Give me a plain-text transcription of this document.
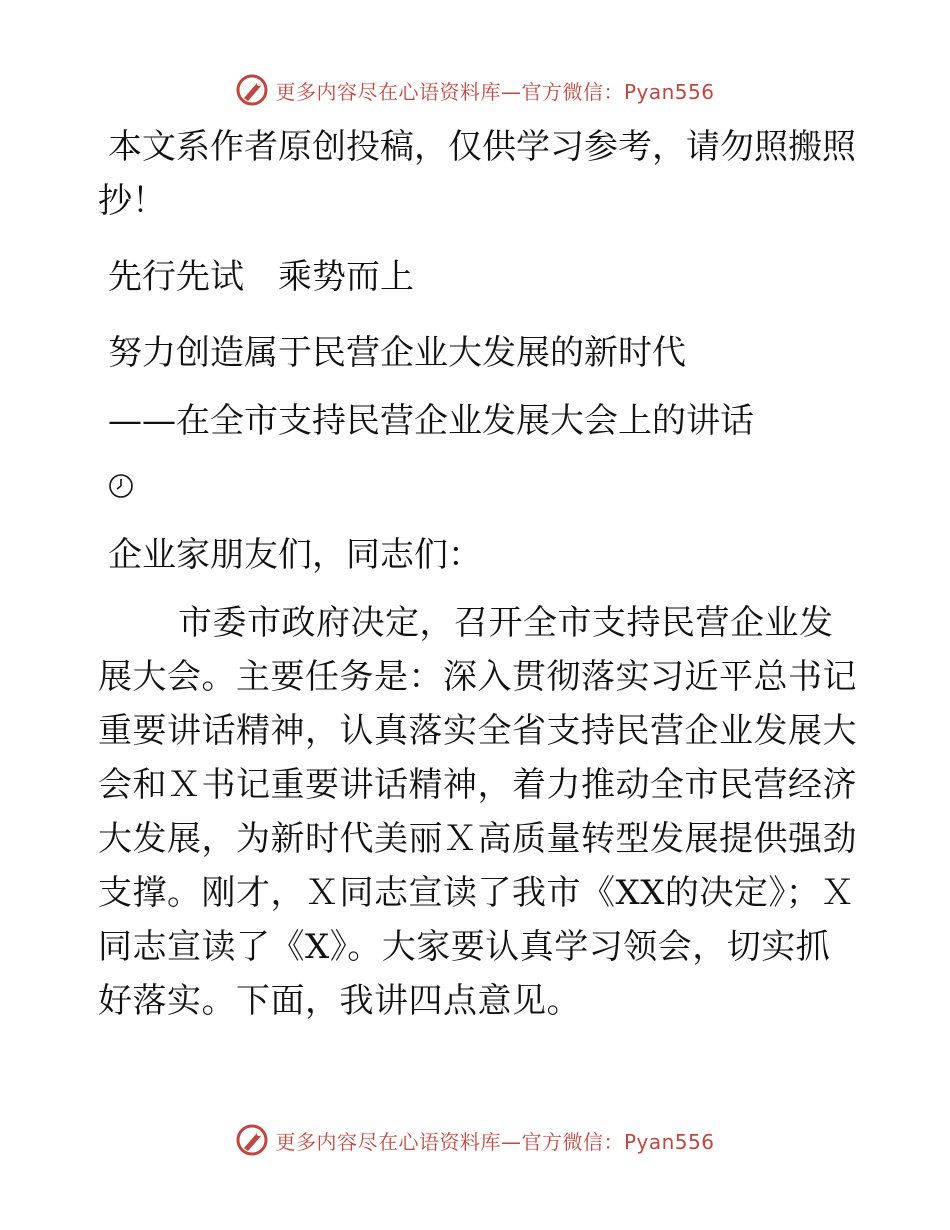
更多内容尽在心语资料库—官方微信：Pyan556

本文系作者原创投稿，仅供学习参考，请勿照搬照抄！

先行先试　乘势而上

努力创造属于民营企业大发展的新时代

——在全市支持民营企业发展大会上的讲话

企业家朋友们，同志们：

市委市政府决定，召开全市支持民营企业发展大会。主要任务是：深入贯彻落实习近平总书记重要讲话精神，认真落实全省支持民营企业发展大会和Ｘ书记重要讲话精神，着力推动全市民营经济大发展，为新时代美丽Ｘ高质量转型发展提供强劲支撑。刚才，Ｘ同志宣读了我市《XX的决定》；Ｘ同志宣读了《X》。大家要认真学习领会，切实抓好落实。下面，我讲四点意见。

更多内容尽在心语资料库—官方微信：Pyan556
